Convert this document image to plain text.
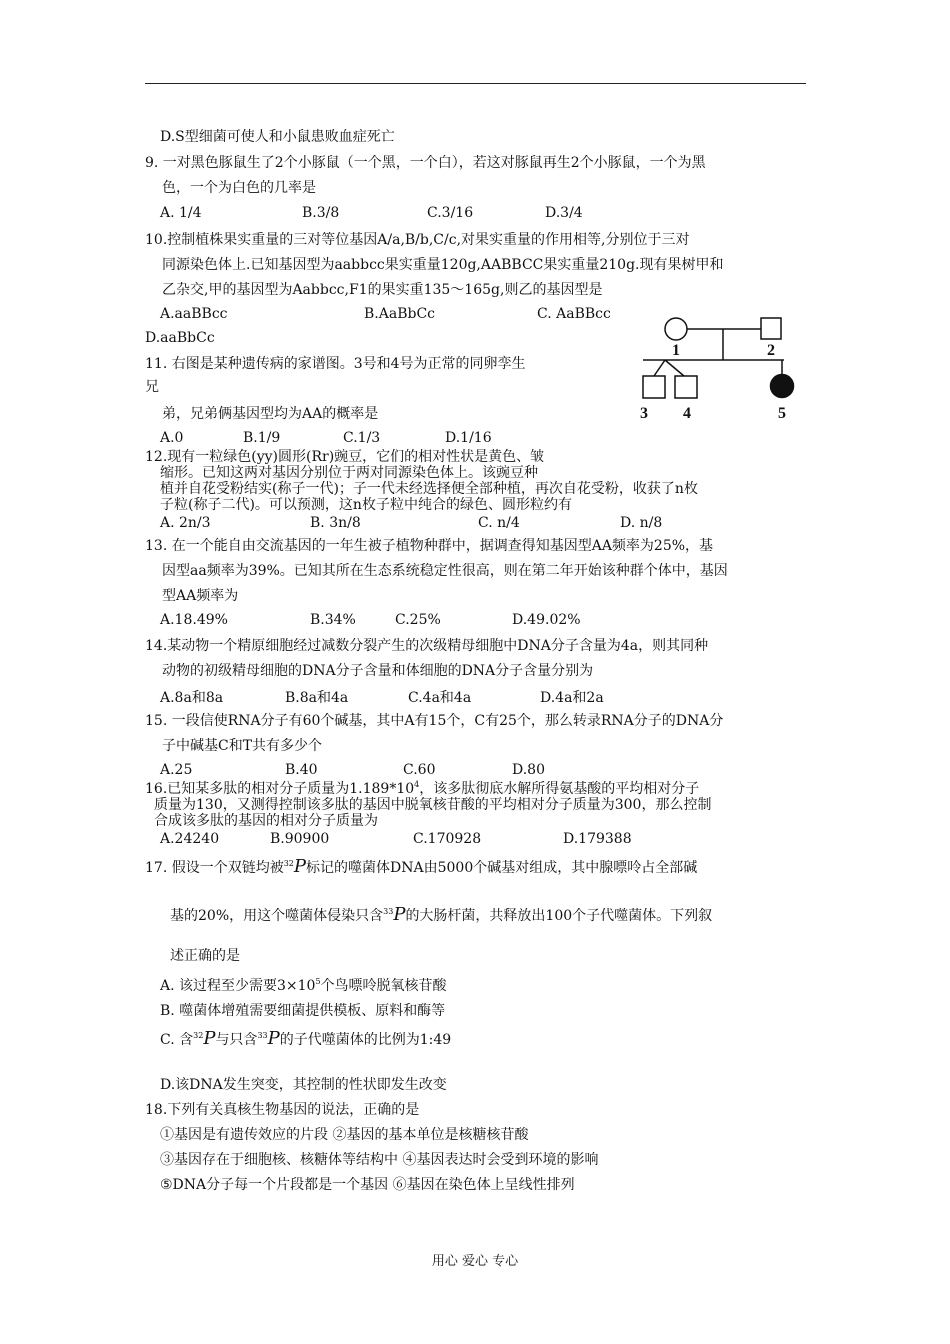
D.S型细菌可使人和小鼠患败血症死亡
9. 一对黑色豚鼠生了2个小豚鼠（一个黑，一个白），若这对豚鼠再生2个小豚鼠，一个为黑
色，一个为白色的几率是
A. 1/4	B.3/8	C.3/16	D.3/4
10.控制植株果实重量的三对等位基因A/a,B/b,C/c,对果实重量的作用相等,分别位于三对
同源染色体上.已知基因型为aabbcc果实重量120g,AABBCC果实重量210g.现有果树甲和
乙杂交,甲的基因型为Aabbcc,F1的果实重135～165g,则乙的基因型是
A.aaBBcc	B.AaBbCc	C. AaBBcc
D.aaBbCc
1	2
3 4	5
11. 右图是某种遗传病的家谱图。3号和4号为正常的同卵孪生
兄
弟，兄弟俩基因型均为AA的概率是
A.0	B.1/9	C.1/3	D.1/16
12.现有一粒绿色(yy)圆形(Rr)豌豆，它们的相对性状是黄色、皱
缩形。已知这两对基因分别位于两对同源染色体上。该豌豆种
植并自花受粉结实(称子一代)；子一代未经选择便全部种植，再次自花受粉，收获了n枚
子粒(称子二代)。可以预测，这n枚子粒中纯合的绿色、圆形粒约有
A. 2n/3	B. 3n/8	C. n/4	D. n/8
13. 在一个能自由交流基因的一年生被子植物种群中，据调查得知基因型AA频率为25%，基
因型aa频率为39%。已知其所在生态系统稳定性很高，则在第二年开始该种群个体中，基因
型AA频率为
A.18.49%	B.34%	C.25%	D.49.02%
14.某动物一个精原细胞经过减数分裂产生的次级精母细胞中DNA分子含量为4a，则其同种
动物的初级精母细胞的DNA分子含量和体细胞的DNA分子含量分别为
A.8a和8a	B.8a和4a	C.4a和4a	D.4a和2a
15. 一段信使RNA分子有60个碱基，其中A有15个，C有25个，那么转录RNA分子的DNA分
子中碱基C和T共有多少个
A.25	B.40	C.60	D.80
16.已知某多肽的相对分子质量为$1.189*10^4$，该多肽彻底水解所得氨基酸的平均相对分子
质量为130，又测得控制该多肽的基因中脱氧核苷酸的平均相对分子质量为300，那么控制
合成该多肽的基因的相对分子质量为
A.24240	B.90900	C.170928	D.179388
17. 假设一个双链均被$^{32}$P标记的噬菌体DNA由5000个碱基对组成，其中腺嘌呤占全部碱
基的20%，用这个噬菌体侵染只含$^{33}$P的大肠杆菌，共释放出100个子代噬菌体。下列叙
述正确的是
A. 该过程至少需要$3\times 10^5$个鸟嘌呤脱氧核苷酸
B. 噬菌体增殖需要细菌提供模板、原料和酶等
C. 含$^{32}$P与只含$^{33}$P的子代噬菌体的比例为1:49
D.该DNA发生突变，其控制的性状即发生改变
18.下列有关真核生物基因的说法，正确的是
①基因是有遗传效应的片段 ②基因的基本单位是核糖核苷酸
③基因存在于细胞核、核糖体等结构中 ④基因表达时会受到环境的影响
⑤DNA分子每一个片段都是一个基因 ⑥基因在染色体上呈线性排列
用心 爱心 专心
